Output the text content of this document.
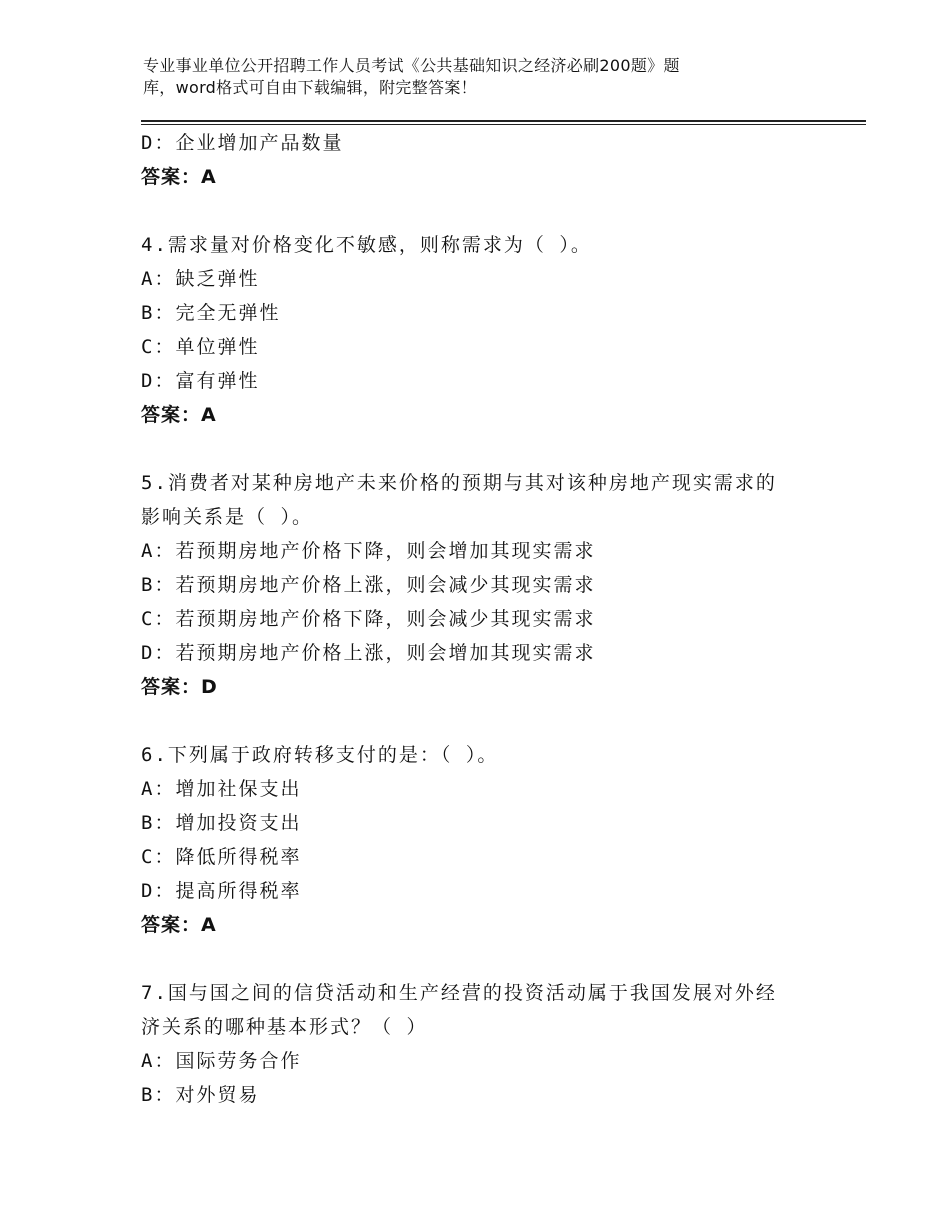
专业事业单位公开招聘工作人员考试《公共基础知识之经济必刷200题》题
库，word格式可自由下载编辑，附完整答案！
D：企业增加产品数量
答案：A
4.需求量对价格变化不敏感，则称需求为（ ）。
A：缺乏弹性
B：完全无弹性
C：单位弹性
D：富有弹性
答案：A
5.消费者对某种房地产未来价格的预期与其对该种房地产现实需求的
影响关系是（ ）。
A：若预期房地产价格下降，则会增加其现实需求
B：若预期房地产价格上涨，则会减少其现实需求
C：若预期房地产价格下降，则会减少其现实需求
D：若预期房地产价格上涨，则会增加其现实需求
答案：D
6.下列属于政府转移支付的是：（ ）。
A：增加社保支出
B：增加投资支出
C：降低所得税率
D：提高所得税率
答案：A
7.国与国之间的信贷活动和生产经营的投资活动属于我国发展对外经
济关系的哪种基本形式？（ ）
A：国际劳务合作
B：对外贸易
